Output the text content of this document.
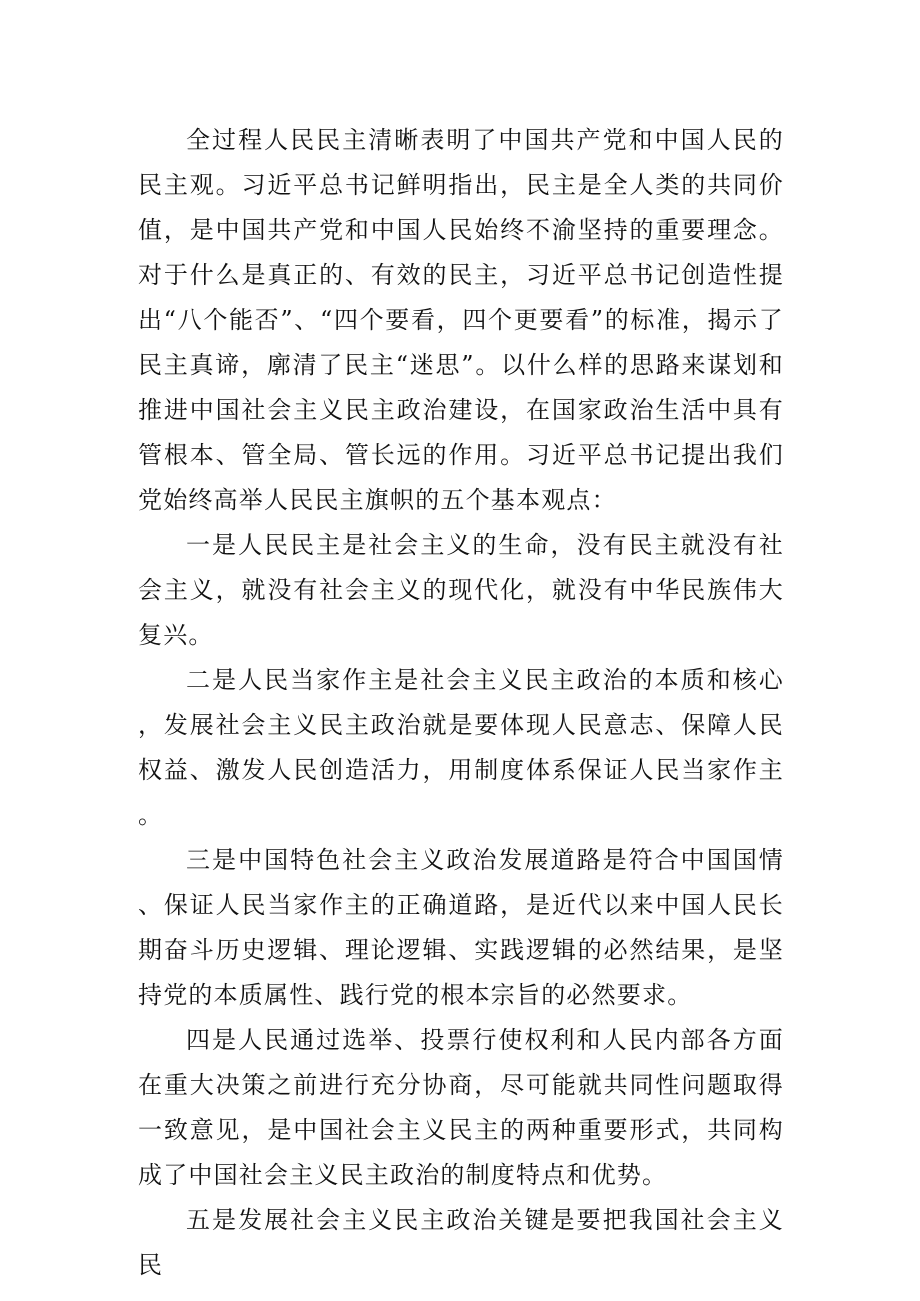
全过程人民民主清晰表明了中国共产党和中国人民的民主观。习近平总书记鲜明指出，民主是全人类的共同价值，是中国共产党和中国人民始终不渝坚持的重要理念。对于什么是真正的、有效的民主，习近平总书记创造性提出“八个能否”、“四个要看，四个更要看”的标准，揭示了民主真谛，廓清了民主“迷思”。以什么样的思路来谋划和推进中国社会主义民主政治建设，在国家政治生活中具有管根本、管全局、管长远的作用。习近平总书记提出我们党始终高举人民民主旗帜的五个基本观点：

一是人民民主是社会主义的生命，没有民主就没有社会主义，就没有社会主义的现代化，就没有中华民族伟大复兴。

二是人民当家作主是社会主义民主政治的本质和核心，发展社会主义民主政治就是要体现人民意志、保障人民权益、激发人民创造活力，用制度体系保证人民当家作主。

三是中国特色社会主义政治发展道路是符合中国国情、保证人民当家作主的正确道路，是近代以来中国人民长期奋斗历史逻辑、理论逻辑、实践逻辑的必然结果，是坚持党的本质属性、践行党的根本宗旨的必然要求。

四是人民通过选举、投票行使权利和人民内部各方面在重大决策之前进行充分协商，尽可能就共同性问题取得一致意见，是中国社会主义民主的两种重要形式，共同构成了中国社会主义民主政治的制度特点和优势。

五是发展社会主义民主政治关键是要把我国社会主义民
